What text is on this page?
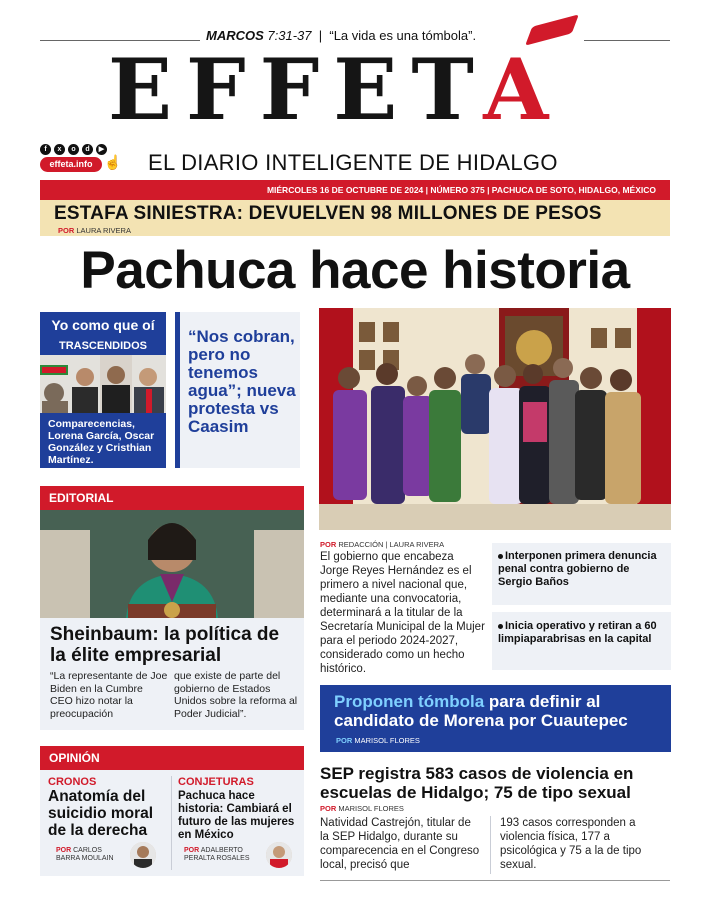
MARCOS 7:31-37 | “La vida es una tómbola”.
EFFETA
f	x	o	d	▶
effeta.info ☝ EL DIARIO INTELIGENTE DE HIDALGO
MIÉRCOLES 16 DE OCTUBRE DE 2024 | NÚMERO 375 | PACHUCA DE SOTO, HIDALGO, MÉXICO
ESTAFA SINIESTRA: DEVUELVEN 98 MILLONES DE PESOS
POR LAURA RIVERA
Pachuca hace historia
Yo como que oí
TRASCENDIDOS
Comparecencias, Lorena García, Oscar González y Cristhian Martínez.
“Nos cobran, pero no tenemos agua”; nueva protesta vs Caasim
EDITORIAL
Sheinbaum: la política de la élite empresarial
“La representante de Joe Biden en la Cumbre CEO hizo notar la preocupación
que existe de parte del gobierno de Estados Unidos sobre la reforma al Poder Judicial”.
POR REDACCIÓN | LAURA RIVERA
El gobierno que encabeza Jorge Reyes Hernández es el primero a nivel nacional que, mediante una convocatoria, determinará a la titular de la Secretaría Municipal de la Mujer para el periodo 2024-2027, considerado como un hecho histórico.
Interponen primera denuncia penal contra gobierno de Sergio Baños
Inicia operativo y retiran a 60 limpiaparabrisas en la capital
Proponen tómbola para definir al candidato de Morena por Cuautepec
POR MARISOL FLORES
OPINIÓN
CRONOS
Anatomía del suicidio moral de la derecha
POR CARLOS
BARRA MOULAIN
CONJETURAS
Pachuca hace historia: Cambiará el futuro de las mujeres en México
POR ADALBERTO
PERALTA ROSALES
SEP registra 583 casos de violencia en escuelas de Hidalgo; 75 de tipo sexual
POR MARISOL FLORES
Natividad Castrejón, titular de la SEP Hidalgo, durante su comparecencia en el Congreso local, precisó que
193 casos corresponden a violencia física, 177 a psicológica y 75 a la de tipo sexual.
